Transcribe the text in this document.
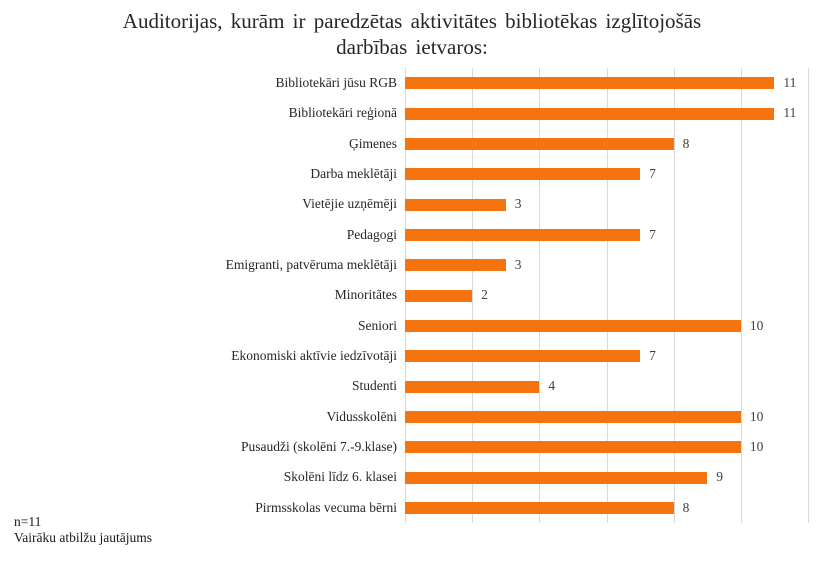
Auditorijas, kurām ir paredzētas aktivitātes bibliotēkas izglītojošās darbības ietvaros:
Bibliotekāri jūsu RGB
Bibliotekāri reģionā
Ģimenes
Darba meklētāji
Vietējie uzņēmēji
Pedagogi
Emigranti, patvēruma meklētāji
Minoritātes
Seniori
Ekonomiski aktīvie iedzīvotāji
Studenti
Vidusskolēni
Pusaudži (skolēni 7.-9.klase)
Skolēni līdz 6. klasei
Pirmsskolas vecuma bērni
11
11
8
7
3
7
3
2
10
7
4
10
10
9
8
n=11
Vairāku atbilžu jautājums
